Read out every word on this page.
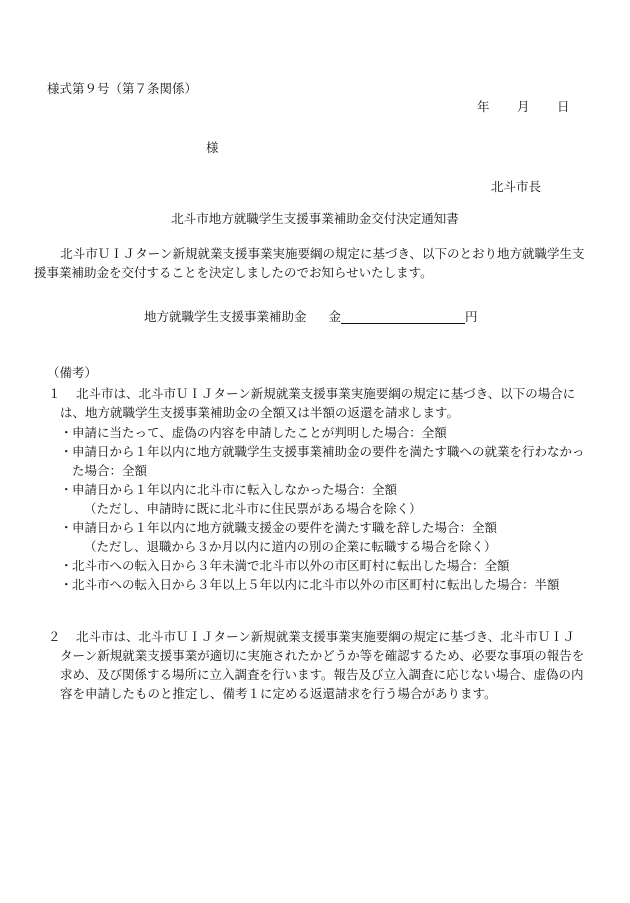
様式第９号（第７条関係）
年 月 日
様
北斗市長
北斗市地方就職学生支援事業補助金交付決定通知書
北斗市ＵＩＪターン新規就業支援事業実施要綱の規定に基づき、以下のとおり地方就職学生支援事業補助金を交付することを決定しましたのでお知らせいたします。
地方就職学生支援事業補助金 金	円
（備考）
１	北斗市は、北斗市ＵＩＪターン新規就業支援事業実施要綱の規定に基づき、以下の場合には、地方就職学生支援事業補助金の全額又は半額の返還を請求します。
・ 申請に当たって、虚偽の内容を申請したことが判明した場合：全額
・ 申請日から１年以内に地方就職学生支援事業補助金の要件を満たす職への就業を行わなかった場合：全額
・ 申請日から１年以内に北斗市に転入しなかった場合：全額
（ただし、申請時に既に北斗市に住民票がある場合を除く）
・ 申請日から１年以内に地方就職支援金の要件を満たす職を辞した場合：全額
（ただし、退職から３か月以内に道内の別の企業に転職する場合を除く）
・ 北斗市への転入日から３年未満で北斗市以外の市区町村に転出した場合：全額
・ 北斗市への転入日から３年以上５年以内に北斗市以外の市区町村に転出した場合：半額
２	北斗市は、北斗市ＵＩＪターン新規就業支援事業実施要綱の規定に基づき、北斗市ＵＩＪターン新規就業支援事業が適切に実施されたかどうか等を確認するため、必要な事項の報告を求め、及び関係する場所に立入調査を行います。報告及び立入調査に応じない場合、虚偽の内容を申請したものと推定し、備考１に定める返還請求を行う場合があります。
